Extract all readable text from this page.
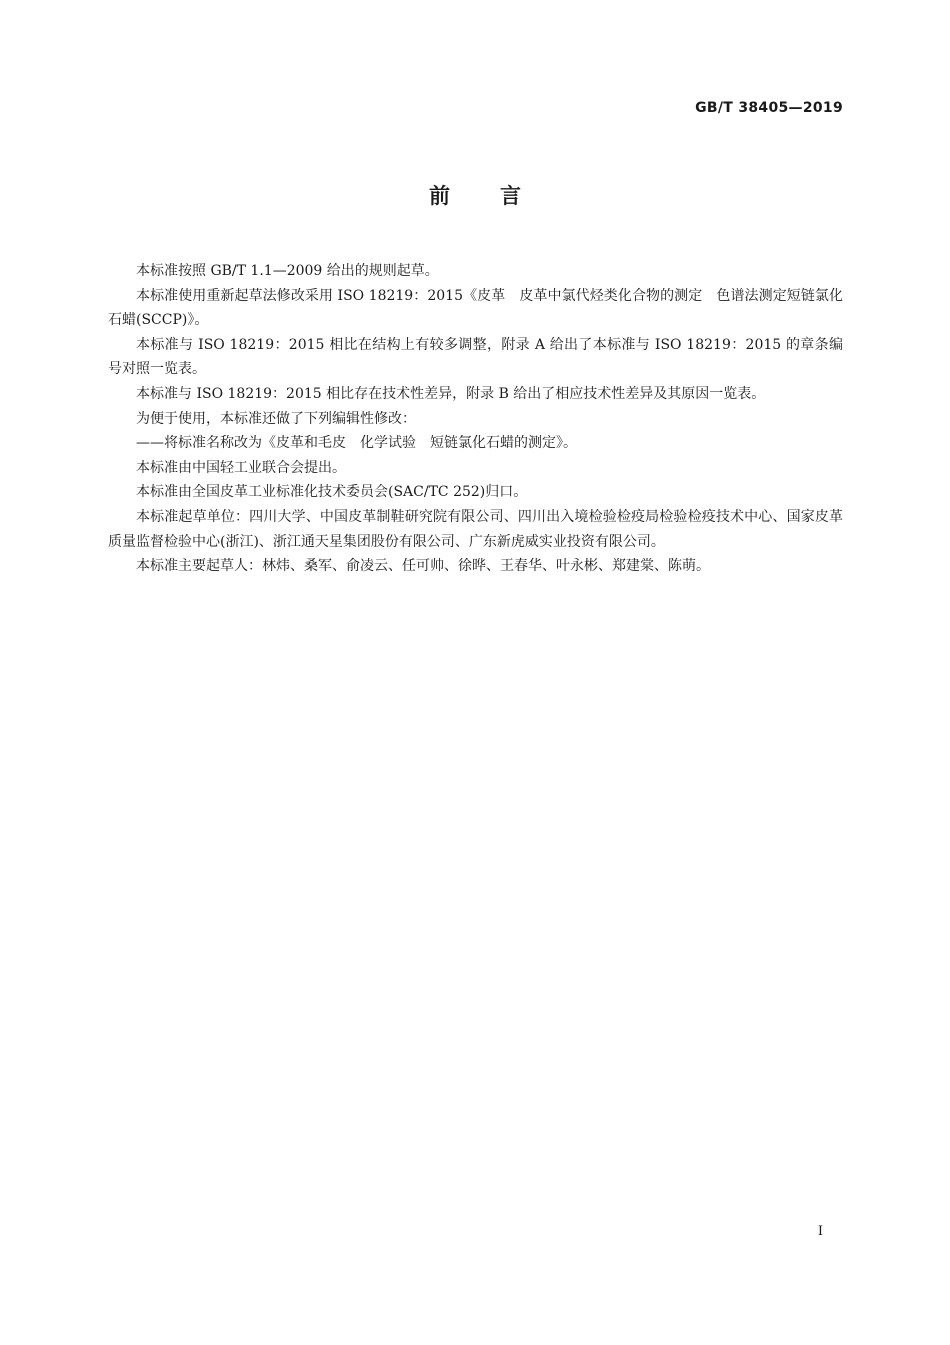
GB/T 38405—2019
前言

本标准按照 GB/T 1.1—2009 给出的规则起草。

本标准使用重新起草法修改采用 ISO 18219：2015《皮革　皮革中氯代烃类化合物的测定　色谱法测定短链氯化石蜡(SCCP)》。

本标准与 ISO 18219：2015 相比在结构上有较多调整，附录 A 给出了本标准与 ISO 18219：2015 的章条编号对照一览表。

本标准与 ISO 18219：2015 相比存在技术性差异，附录 B 给出了相应技术性差异及其原因一览表。

为便于使用，本标准还做了下列编辑性修改：

——将标准名称改为《皮革和毛皮　化学试验　短链氯化石蜡的测定》。

本标准由中国轻工业联合会提出。

本标准由全国皮革工业标准化技术委员会(SAC/TC 252)归口。

本标准起草单位：四川大学、中国皮革制鞋研究院有限公司、四川出入境检验检疫局检验检疫技术中心、国家皮革质量监督检验中心(浙江)、浙江通天星集团股份有限公司、广东新虎威实业投资有限公司。

本标准主要起草人：林炜、桑军、俞凌云、任可帅、徐晔、王春华、叶永彬、郑建棠、陈萌。

I
